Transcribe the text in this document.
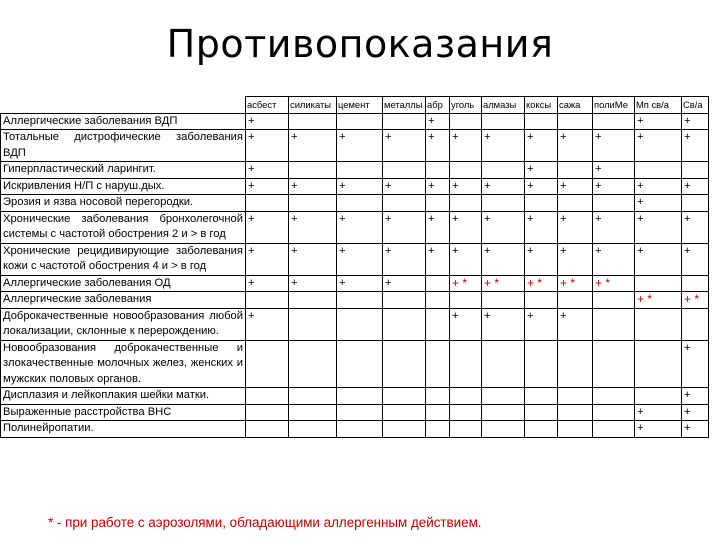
Противопоказания
	асбест	силикаты	цемент	металлы	абр	уголь	алмазы	коксы	сажа	полиМе	Мп св/а	Св/а
Аллергические заболевания ВДП	+				+						+	+
Тотальные дистрофические заболевания ВДП	+	+	+	+	+	+	+	+	+	+	+	+
Гиперпластический ларингит.	+							+		+		
Искривления Н/П с наруш.дых.	+	+	+	+	+	+	+	+	+	+	+	+
Эрозия и язва носовой перегородки.											+	
Хронические заболевания бронхолегочной системы с частотой обострения 2 и > в год	+	+	+	+	+	+	+	+	+	+	+	+
Хронические рецидивирующие заболевания кожи с частотой обострения 4 и > в год	+	+	+	+	+	+	+	+	+	+	+	+
Аллергические заболевания ОД	+	+	+	+		+ *	+ *	+ *	+ *	+ *		
Аллергические заболевания											+ *	+ *
Доброкачественные новообразования любой локализации, склонные к перерождению.	+					+	+	+	+			
Новообразования доброкачественные и злокачественные молочных желез, женских и мужских половых органов.												+
Дисплазия и лейкоплакия шейки матки.												+
Выраженные расстройства ВНС											+	+
Полинейропатии.											+	+
* - при работе с аэрозолями, обладающими аллергенным действием.
